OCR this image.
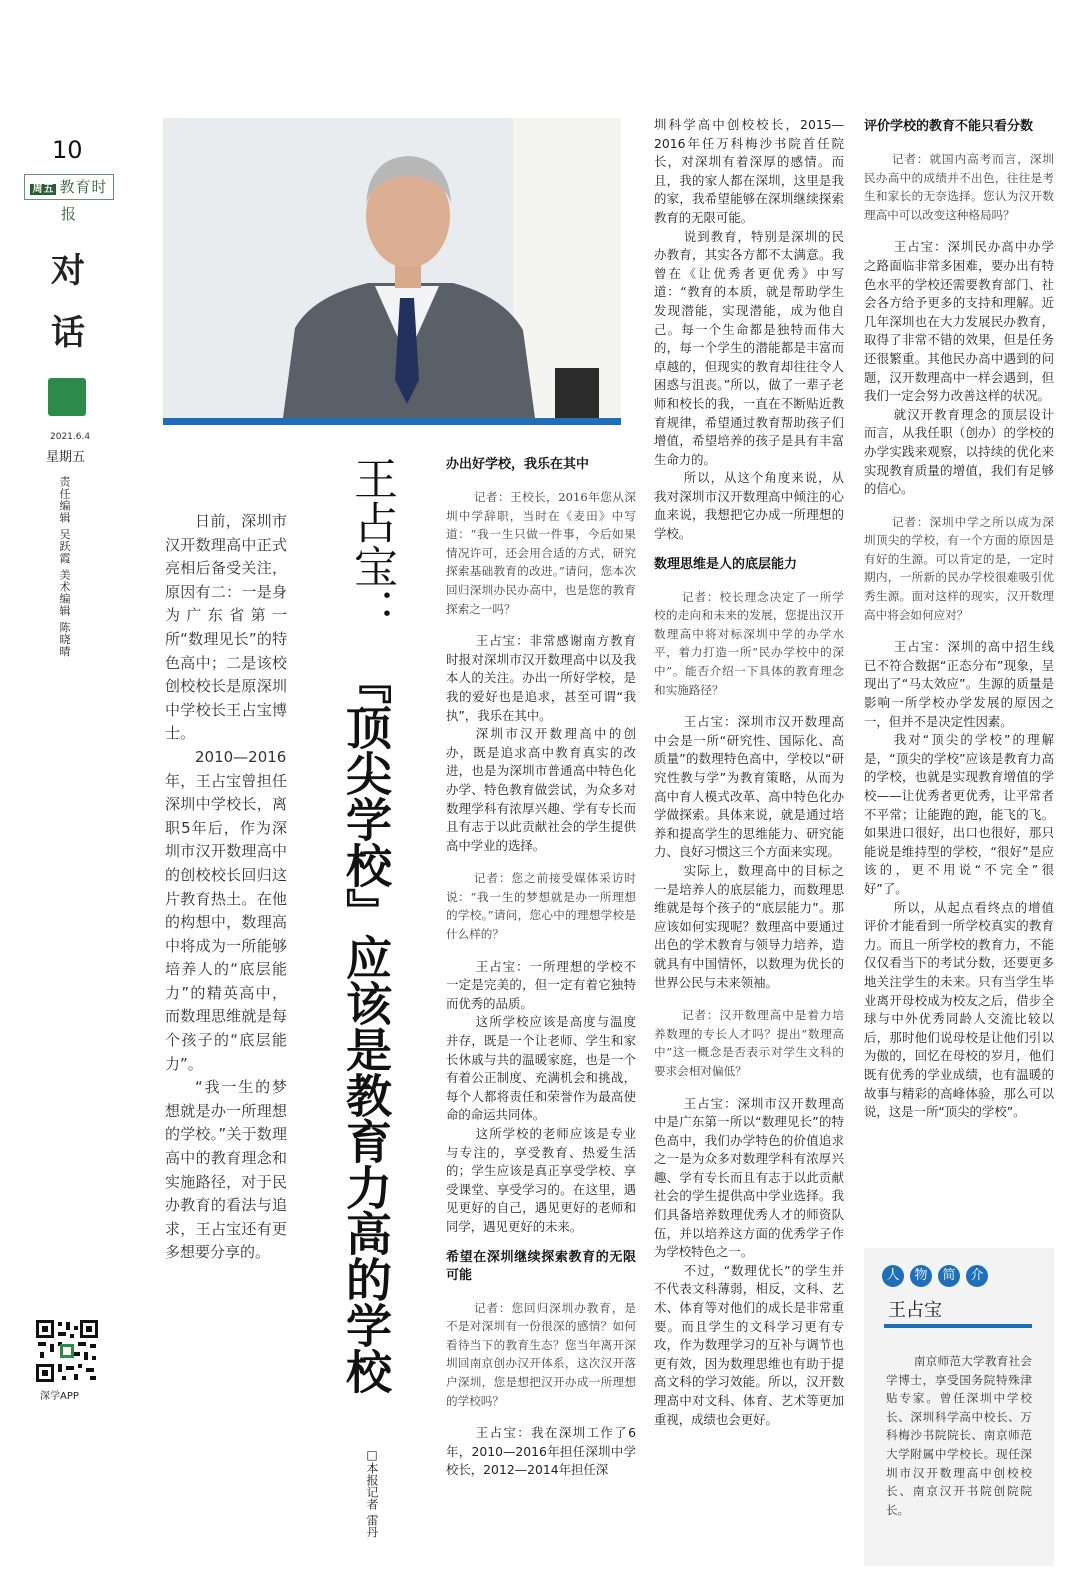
10
周五 教育时报
对
话
2021.6.4
星期五
责任编辑 吴跃霞 美术编辑 陈晓晴
深学APP
王占宝：
『顶尖学校』应该是教育力高的学校
□本报记者 雷丹

日前，深圳市汉开数理高中正式亮相后备受关注，原因有二：一是身为广东省第一所“数理见长”的特色高中；二是该校创校校长是原深圳中学校长王占宝博士。

2010—2016年，王占宝曾担任深圳中学校长，离职5年后，作为深圳市汉开数理高中的创校校长回归这片教育热土。在他的构想中，数理高中将成为一所能够培养人的“底层能力”的精英高中，而数理思维就是每个孩子的“底层能力”。

“我一生的梦想就是办一所理想的学校。”关于数理高中的教育理念和实施路径，对于民办教育的看法与追求，王占宝还有更多想要分享的。

办出好学校，我乐在其中

记者：王校长，2016年您从深圳中学辞职，当时在《麦田》中写道：“我一生只做一件事，今后如果情况许可，还会用合适的方式，研究探索基础教育的改进。”请问，您本次回归深圳办民办高中，也是您的教育探索之一吗？

王占宝：非常感谢南方教育时报对深圳市汉开数理高中以及我本人的关注。办出一所好学校，是我的爱好也是追求，甚至可谓“我执”，我乐在其中。

深圳市汉开数理高中的创办，既是追求高中教育真实的改进，也是为深圳市普通高中特色化办学、特色教育做尝试，为众多对数理学科有浓厚兴趣、学有专长而且有志于以此贡献社会的学生提供高中学业的选择。

记者：您之前接受媒体采访时说：“我一生的梦想就是办一所理想的学校。”请问，您心中的理想学校是什么样的？

王占宝：一所理想的学校不一定是完美的，但一定有着它独特而优秀的品质。

这所学校应该是高度与温度并存，既是一个让老师、学生和家长休戚与共的温暖家庭，也是一个有着公正制度、充满机会和挑战，每个人都将责任和荣誉作为最高使命的命运共同体。

这所学校的老师应该是专业与专注的，享受教育、热爱生活的；学生应该是真正享受学校、享受课堂、享受学习的。在这里，遇见更好的自己，遇见更好的老师和同学，遇见更好的未来。

希望在深圳继续探索教育的无限可能

记者：您回归深圳办教育，是不是对深圳有一份很深的感情？如何看待当下的教育生态？您当年离开深圳回南京创办汉开体系，这次汉开落户深圳，您是想把汉开办成一所理想的学校吗？

王占宝：我在深圳工作了6年，2010—2016年担任深圳中学校长，2012—2014年担任深

圳科学高中创校校长，2015—2016年任万科梅沙书院首任院长，对深圳有着深厚的感情。而且，我的家人都在深圳，这里是我的家，我希望能够在深圳继续探索教育的无限可能。

说到教育，特别是深圳的民办教育，其实各方都不太满意。我曾在《让优秀者更优秀》中写道：“教育的本质，就是帮助学生发现潜能，实现潜能，成为他自己。每一个生命都是独特而伟大的，每一个学生的潜能都是丰富而卓越的，但现实的教育却往往令人困惑与沮丧。”所以，做了一辈子老师和校长的我，一直在不断贴近教育规律，希望通过教育帮助孩子们增值，希望培养的孩子是具有丰富生命力的。

所以，从这个角度来说，从我对深圳市汉开数理高中倾注的心血来说，我想把它办成一所理想的学校。

数理思维是人的底层能力

记者：校长理念决定了一所学校的走向和未来的发展，您提出汉开数理高中将对标深圳中学的办学水平，着力打造一所“民办学校中的深中”。能否介绍一下具体的教育理念和实施路径？

王占宝：深圳市汉开数理高中会是一所“研究性、国际化、高质量”的数理特色高中，学校以“研究性教与学”为教育策略，从而为高中育人模式改革、高中特色化办学做探索。具体来说，就是通过培养和提高学生的思维能力、研究能力、良好习惯这三个方面来实现。

实际上，数理高中的目标之一是培养人的底层能力，而数理思维就是每个孩子的“底层能力”。那应该如何实现呢？数理高中要通过出色的学术教育与领导力培养，造就具有中国情怀，以数理为优长的世界公民与未来领袖。

记者：汉开数理高中是着力培养数理的专长人才吗？提出“数理高中”这一概念是否表示对学生文科的要求会相对偏低？

王占宝：深圳市汉开数理高中是广东第一所以“数理见长”的特色高中，我们办学特色的价值追求之一是为众多对数理学科有浓厚兴趣、学有专长而且有志于以此贡献社会的学生提供高中学业选择。我们具备培养数理优秀人才的师资队伍，并以培养这方面的优秀学子作为学校特色之一。

不过，“数理优长”的学生并不代表文科薄弱，相反，文科、艺术、体育等对他们的成长是非常重要。而且学生的文科学习更有专攻，作为数理学习的互补与调节也更有效，因为数理思维也有助于提高文科的学习效能。所以，汉开数理高中对文科、体育、艺术等更加重视，成绩也会更好。

评价学校的教育不能只看分数

记者：就国内高考而言，深圳民办高中的成绩并不出色，往往是考生和家长的无奈选择。您认为汉开数理高中可以改变这种格局吗？

王占宝：深圳民办高中办学之路面临非常多困难，要办出有特色水平的学校还需要教育部门、社会各方给予更多的支持和理解。近几年深圳也在大力发展民办教育，取得了非常不错的效果，但是任务还很繁重。其他民办高中遇到的问题，汉开数理高中一样会遇到，但我们一定会努力改善这样的状况。

就汉开教育理念的顶层设计而言，从我任职（创办）的学校的办学实践来观察，以持续的优化来实现教育质量的增值，我们有足够的信心。

记者：深圳中学之所以成为深圳顶尖的学校，有一个方面的原因是有好的生源。可以肯定的是，一定时期内，一所新的民办学校很难吸引优秀生源。面对这样的现实，汉开数理高中将会如何应对？

王占宝：深圳的高中招生线已不符合数据“正态分布”现象，呈现出了“马太效应”。生源的质量是影响一所学校办学发展的原因之一，但并不是决定性因素。

我对“顶尖的学校”的理解是，“顶尖的学校”应该是教育力高的学校，也就是实现教育增值的学校——让优秀者更优秀，让平常者不平常；让能跑的跑，能飞的飞。如果进口很好，出口也很好，那只能说是维持型的学校，“很好”是应该的，更不用说“不完全”很好”了。

所以，从起点看终点的增值评价才能看到一所学校真实的教育力。而且一所学校的教育力，不能仅仅看当下的考试分数，还要更多地关注学生的未来。只有当学生毕业离开母校成为校友之后，借步全球与中外优秀同龄人交流比较以后，那时他们说母校是让他们引以为傲的，回忆在母校的岁月，他们既有优秀的学业成绩，也有温暖的故事与精彩的高峰体验，那么可以说，这是一所“顶尖的学校”。

人 物 简 介
王占宝

南京师范大学教育社会学博士，享受国务院特殊津贴专家。曾任深圳中学校长、深圳科学高中校长、万科梅沙书院院长、南京师范大学附属中学校长。现任深圳市汉开数理高中创校校长、南京汉开书院创院院长。
